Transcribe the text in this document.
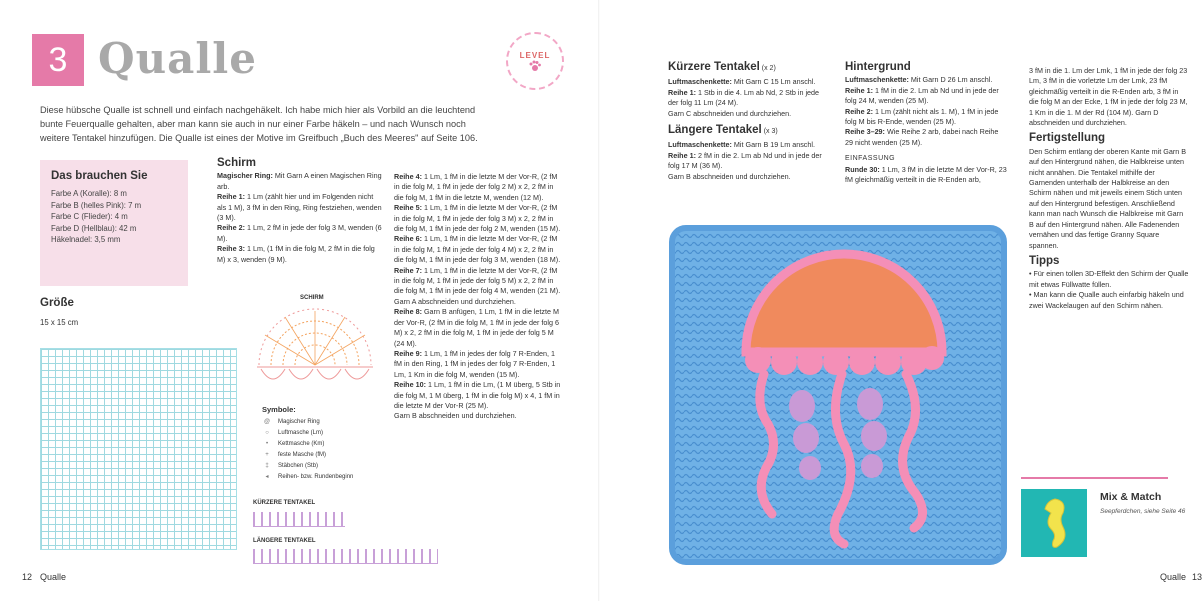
3 Qualle	LEVEL
Diese hübsche Qualle ist schnell und einfach nachgehäkelt. Ich habe mich hier als Vorbild an die leuchtend bunte Feuerqualle gehalten, aber man kann sie auch in nur einer Farbe häkeln – und nach Wunsch noch weitere Tentakel hinzufügen. Die Qualle ist eines der Motive im Greifbuch „Buch des Meeres" auf Seite 106.
Das brauchen Sie
Farbe A (Koralle): 8 m
Farbe B (helles Pink): 7 m
Farbe C (Flieder): 4 m
Farbe D (Hellblau): 42 m
Häkelnadel: 3,5 mm
Größe
15 x 15 cm
Schirm

Magischer Ring: Mit Garn A einen Magischen Ring arb.

Reihe 1: 1 Lm (zählt hier und im Folgenden nicht als 1 M), 3 fM in den Ring, Ring festziehen, wenden (3 M).

Reihe 2: 1 Lm, 2 fM in jede der folg 3 M, wenden (6 M).

Reihe 3: 1 Lm, (1 fM in die folg M, 2 fM in die folg M) x 3, wenden (9 M).

Reihe 4: 1 Lm, 1 fM in die letzte M der Vor-R, (2 fM in die folg M, 1 fM in jede der folg 2 M) x 2, 2 fM in die folg M, 1 fM in die letzte M, wenden (12 M).

Reihe 5: 1 Lm, 1 fM in die letzte M der Vor-R, (2 fM in die folg M, 1 fM in jede der folg 3 M) x 2, 2 fM in die folg M, 1 fM in jede der folg 2 M, wenden (15 M).

Reihe 6: 1 Lm, 1 fM in die letzte M der Vor-R, (2 fM in die folg M, 1 fM in jede der folg 4 M) x 2, 2 fM in die folg M, 1 fM in jede der folg 3 M, wenden (18 M).

Reihe 7: 1 Lm, 1 fM in die letzte M der Vor-R, (2 fM in die folg M, 1 fM in jede der folg 5 M) x 2, 2 fM in die folg M, 1 fM in jede der folg 4 M, wenden (21 M).

Garn A abschneiden und durchziehen.

Reihe 8: Garn B anfügen, 1 Lm, 1 fM in die letzte M der Vor-R, (2 fM in die folg M, 1 fM in jede der folg 6 M) x 2, 2 fM in die folg M, 1 fM in jede der folg 5 M (24 M).

Reihe 9: 1 Lm, 1 fM in jedes der folg 7 R-Enden, 1 fM in den Ring, 1 fM in jedes der folg 7 R-Enden, 1 Lm, 1 Km in die folg M, wenden (15 M).

Reihe 10: 1 Lm, 1 fM in die Lm, (1 M überg, 5 Stb in die folg M, 1 M überg, 1 fM in die folg M) x 4, 1 fM in die letzte M der Vor-R (25 M).

Garn B abschneiden und durchziehen.

SCHIRM
Symbole:
@	Magischer Ring
○	Luftmasche (Lm)
•	Kettmasche (Km)
+	feste Masche (fM)
‡	Stäbchen (Stb)
◂	Reihen- bzw. Rundenbeginn
KÜRZERE TENTAKEL
LÄNGERE TENTAKEL
12 Qualle
Kürzere Tentakel (x 2)

Luftmaschenkette: Mit Garn C 15 Lm anschl.

Reihe 1: 1 Stb in die 4. Lm ab Nd, 2 Stb in jede der folg 11 Lm (24 M).

Garn C abschneiden und durchziehen.

Längere Tentakel (x 3)

Luftmaschenkette: Mit Garn B 19 Lm anschl.

Reihe 1: 2 fM in die 2. Lm ab Nd und in jede der folg 17 M (36 M).

Garn B abschneiden und durchziehen.

Hintergrund

Luftmaschenkette: Mit Garn D 26 Lm anschl.

Reihe 1: 1 fM in die 2. Lm ab Nd und in jede der folg 24 M, wenden (25 M).

Reihe 2: 1 Lm (zählt nicht als 1. M), 1 fM in jede folg M bis R-Ende, wenden (25 M).

Reihe 3–29: Wie Reihe 2 arb, dabei nach Reihe 29 nicht wenden (25 M).

EINFASSUNG

Runde 30: 1 Lm, 3 fM in die letzte M der Vor-R, 23 fM gleichmäßig verteilt in die R-Enden arb,

3 fM in die 1. Lm der Lmk, 1 fM in jede der folg 23 Lm, 3 fM in die vorletzte Lm der Lmk, 23 fM gleichmäßig verteilt in die R-Enden arb, 3 fM in die folg M an der Ecke, 1 fM in jede der folg 23 M, 1 Km in die 1. M der Rd (104 M). Garn D abschneiden und durchziehen.

Fertigstellung

Den Schirm entlang der oberen Kante mit Garn B auf den Hintergrund nähen, die Halbkreise unten nicht annähen. Die Tentakel mithilfe der Garnenden unterhalb der Halbkreise an den Schirm nähen und mit jeweils einem Stich unten auf den Hintergrund befestigen. Anschließend kann man nach Wunsch die Halbkreise mit Garn B auf den Hintergrund nähen. Alle Fadenenden vernähen und das fertige Granny Square spannen.

Tipps

• Für einen tollen 3D-Effekt den Schirm der Qualle mit etwas Füllwatte füllen.

• Man kann die Qualle auch einfarbig häkeln und zwei Wackelaugen auf den Schirm nähen.

Qualle 13
Mix & Match
Seepferdchen, siehe Seite 46
